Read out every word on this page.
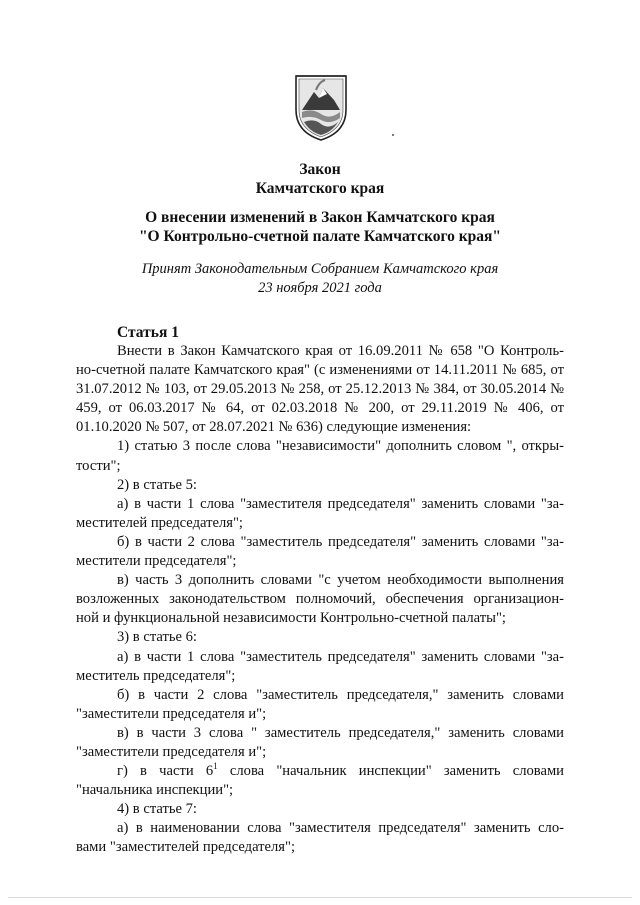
Закон
Камчатского края
О внесении изменений в Закон Камчатского края
"О Контрольно-счетной палате Камчатского края"
Принят Законодательным Собранием Камчатского края
23 ноября 2021 года
Статья 1

Внести в Закон Камчатского края от 16.09.2011 № 658 "О Контроль- но-счетной палате Камчатского края" (с изменениями от 14.11.2011 № 685, от 31.07.2012 № 103, от 29.05.2013 № 258, от 25.12.2013 № 384, от 30.05.2014 № 459, от 06.03.2017 № 64, от 02.03.2018 № 200, от 29.11.2019 № 406, от 01.10.2020 № 507, от 28.07.2021 № 636) следующие изменения:

1) статью 3 после слова "независимости" дополнить словом ", откры- тости";

2) в статье 5:

а) в части 1 слова "заместителя председателя" заменить словами "за- местителей председателя";

б) в части 2 слова "заместитель председателя" заменить словами "за- местители председателя";

в) часть 3 дополнить словами "с учетом необходимости выполнения возложенных законодательством полномочий, обеспечения организацион- ной и функциональной независимости Контрольно-счетной палаты";

3) в статье 6:

а) в части 1 слова "заместитель председателя" заменить словами "за- меститель председателя";

б) в части 2 слова "заместитель председателя," заменить словами "заместители председателя и";

в) в части 3 слова " заместитель председателя," заменить словами "заместители председателя и";

г) в части $6^1$ слова "начальник инспекции" заменить словами "начальника инспекции";

4) в статье 7:

а) в наименовании слова "заместителя председателя" заменить сло- вами "заместителей председателя";
